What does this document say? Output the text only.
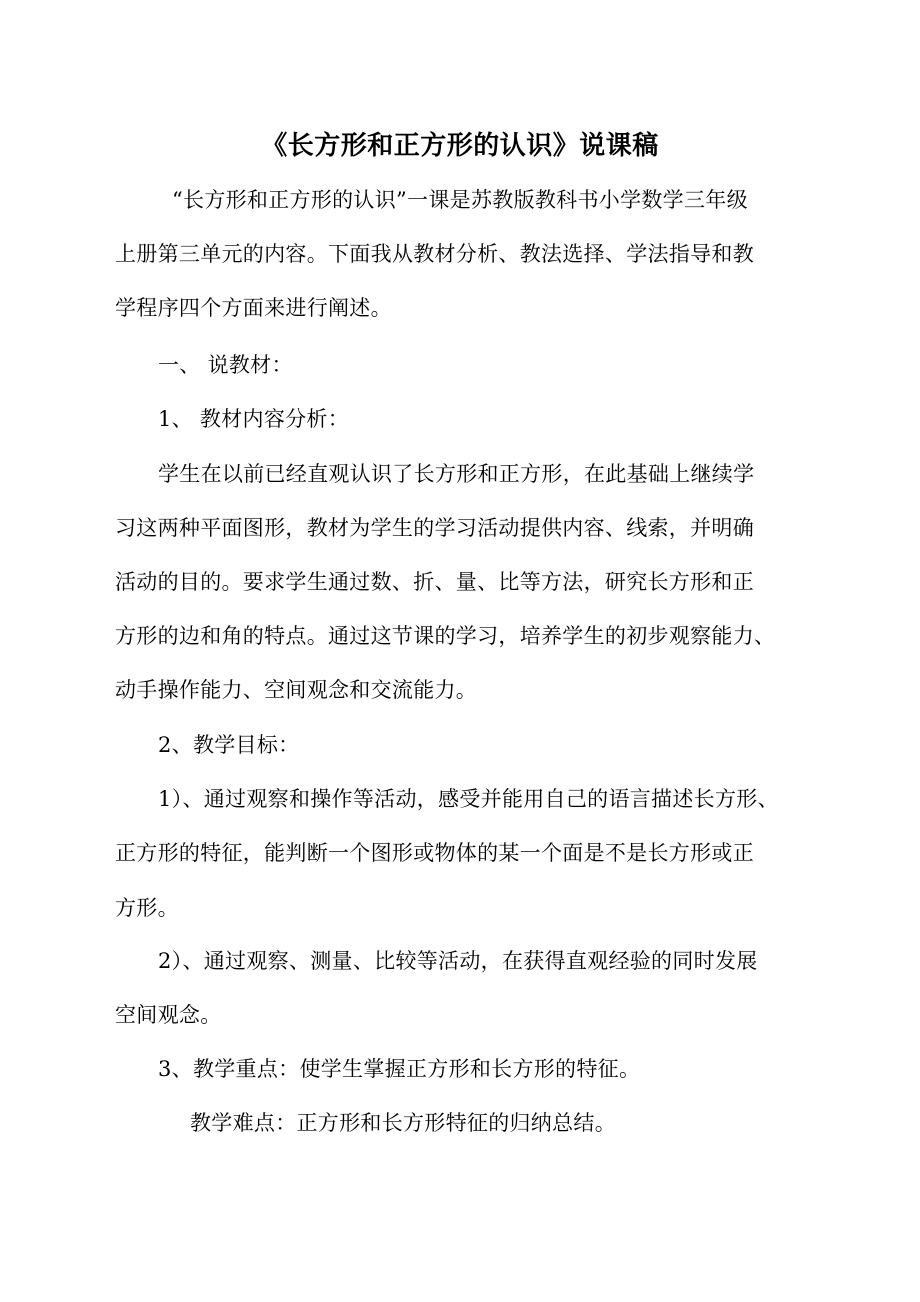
《长方形和正方形的认识》说课稿
“长方形和正方形的认识”一课是苏教版教科书小学数学三年级
上册第三单元的内容。下面我从教材分析、教法选择、学法指导和教
学程序四个方面来进行阐述。
一、 说教材：
1、 教材内容分析：
学生在以前已经直观认识了长方形和正方形，在此基础上继续学
习这两种平面图形，教材为学生的学习活动提供内容、线索，并明确
活动的目的。要求学生通过数、折、量、比等方法，研究长方形和正
方形的边和角的特点。通过这节课的学习，培养学生的初步观察能力、
动手操作能力、空间观念和交流能力。
2、教学目标：
1）、通过观察和操作等活动，感受并能用自己的语言描述长方形、
正方形的特征，能判断一个图形或物体的某一个面是不是长方形或正
方形。
2）、通过观察、测量、比较等活动，在获得直观经验的同时发展
空间观念。
3、教学重点：使学生掌握正方形和长方形的特征。
教学难点：正方形和长方形特征的归纳总结。
